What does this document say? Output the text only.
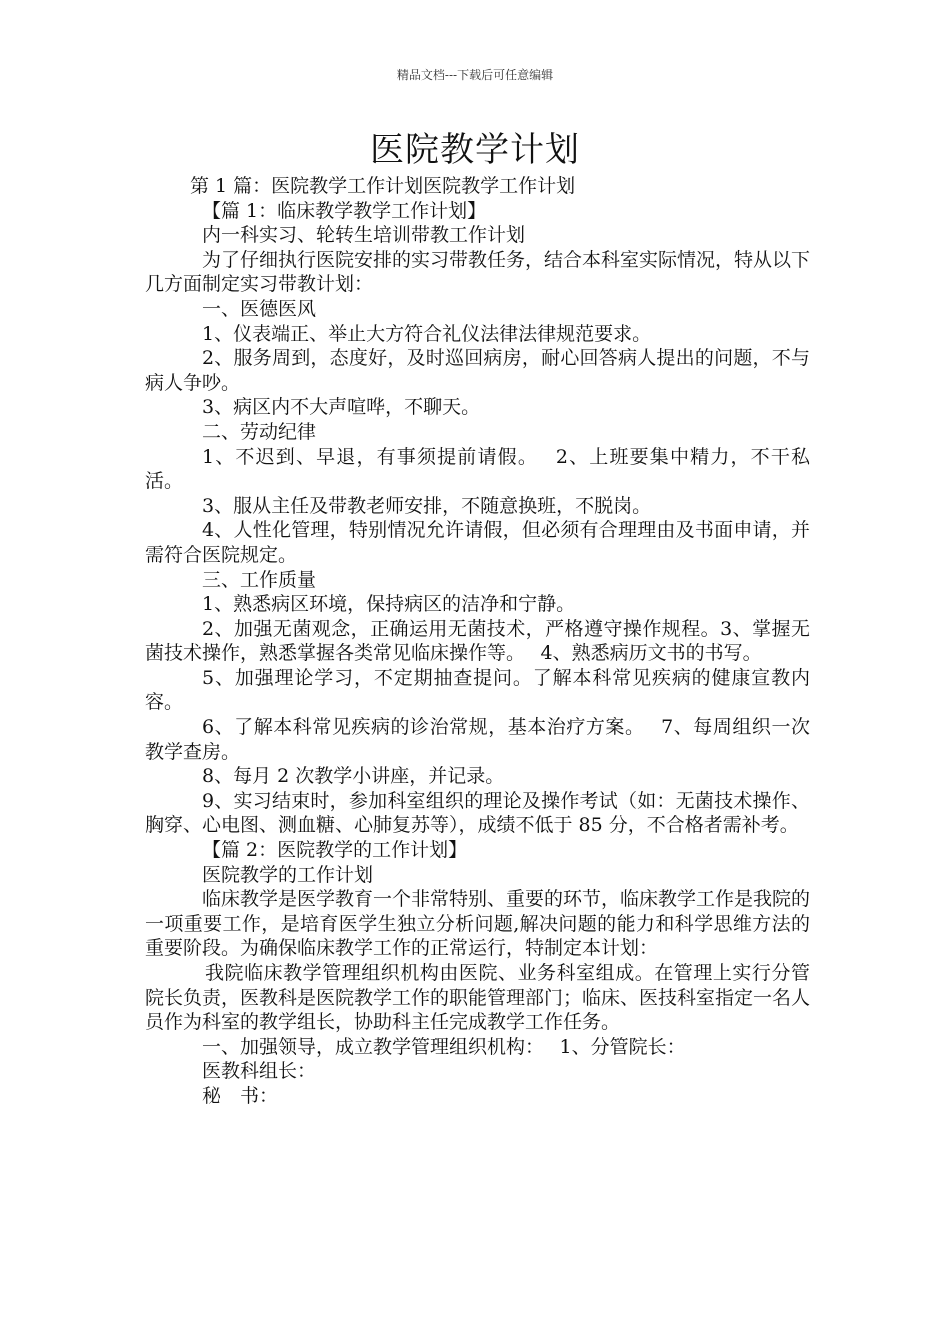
精品文档---下载后可任意编辑
医院教学计划

第 1 篇：医院教学工作计划医院教学工作计划

【篇 1：临床教学教学工作计划】

内一科实习、轮转生培训带教工作计划

为了仔细执行医院安排的实习带教任务，结合本科室实际情况，特从以下几方面制定实习带教计划：

一、医德医风

1、仪表端正、举止大方符合礼仪法律法律规范要求。

2、服务周到，态度好，及时巡回病房，耐心回答病人提出的问题，不与病人争吵。

3、病区内不大声喧哗，不聊天。

二、劳动纪律

1、不迟到、早退，有事须提前请假。　 2、上班要集中精力，不干私活。

3、服从主任及带教老师安排，不随意换班，不脱岗。

4、人性化管理，特别情况允许请假，但必须有合理理由及书面申请，并需符合医院规定。

三、工作质量

1、熟悉病区环境，保持病区的洁净和宁静。

2、加强无菌观念，正确运用无菌技术，严格遵守操作规程。3、掌握无菌技术操作，熟悉掌握各类常见临床操作等。　 4、熟悉病历文书的书写。

5、加强理论学习，不定期抽查提问。了解本科常见疾病的健康宣教内容。

6、了解本科常见疾病的诊治常规，基本治疗方案。　 7、每周组织一次教学查房。

8、每月 2 次教学小讲座，并记录。

9、实习结束时，参加科室组织的理论及操作考试（如：无菌技术操作、胸穿、心电图、测血糖、心肺复苏等），成绩不低于 85 分，不合格者需补考。

【篇 2：医院教学的工作计划】

医院教学的工作计划

临床教学是医学教育一个非常特别、重要的环节，临床教学工作是我院的一项重要工作，是培育医学生独立分析问题,解决问题的能力和科学思维方法的重要阶段。为确保临床教学工作的正常运行，特制定本计划：

我院临床教学管理组织机构由医院、业务科室组成。在管理上实行分管院长负责，医教科是医院教学工作的职能管理部门；临床、医技科室指定一名人员作为科室的教学组长，协助科主任完成教学工作任务。

一、加强领导，成立教学管理组织机构：　 1、分管院长：

医教科组长：

秘　书：
